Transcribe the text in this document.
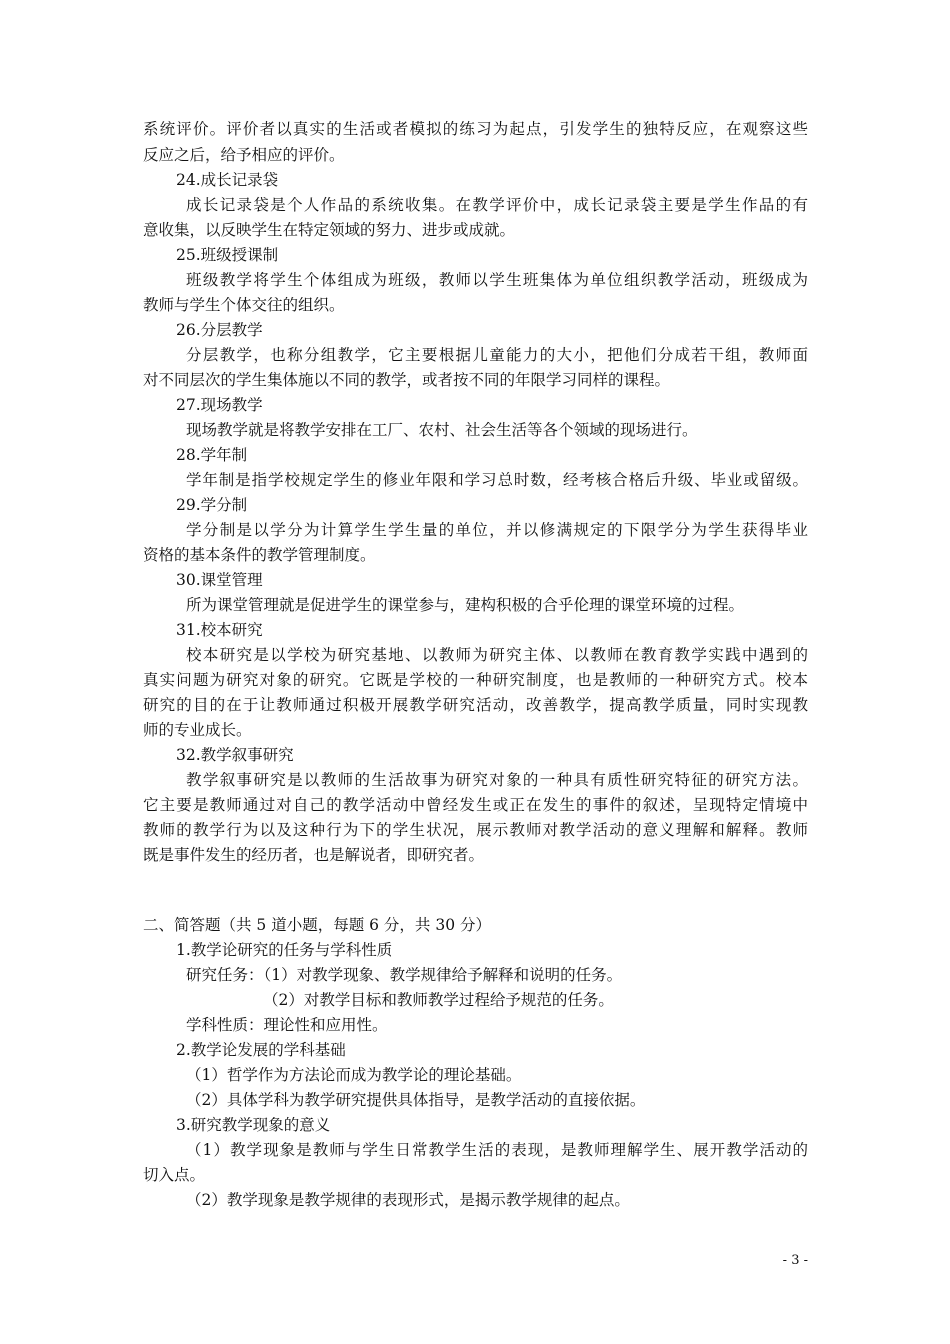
系统评价。评价者以真实的生活或者模拟的练习为起点，引发学生的独特反应，在观察这些
反应之后，给予相应的评价。
24.成长记录袋
成长记录袋是个人作品的系统收集。在教学评价中，成长记录袋主要是学生作品的有
意收集，以反映学生在特定领域的努力、进步或成就。
25.班级授课制
班级教学将学生个体组成为班级，教师以学生班集体为单位组织教学活动，班级成为
教师与学生个体交往的组织。
26.分层教学
分层教学，也称分组教学，它主要根据儿童能力的大小，把他们分成若干组，教师面
对不同层次的学生集体施以不同的教学，或者按不同的年限学习同样的课程。
27.现场教学
现场教学就是将教学安排在工厂、农村、社会生活等各个领域的现场进行。
28.学年制
学年制是指学校规定学生的修业年限和学习总时数，经考核合格后升级、毕业或留级。
29.学分制
学分制是以学分为计算学生学生量的单位，并以修满规定的下限学分为学生获得毕业
资格的基本条件的教学管理制度。
30.课堂管理
所为课堂管理就是促进学生的课堂参与，建构积极的合乎伦理的课堂环境的过程。
31.校本研究
校本研究是以学校为研究基地、以教师为研究主体、以教师在教育教学实践中遇到的
真实问题为研究对象的研究。它既是学校的一种研究制度，也是教师的一种研究方式。校本
研究的目的在于让教师通过积极开展教学研究活动，改善教学，提高教学质量，同时实现教
师的专业成长。
32.教学叙事研究
教学叙事研究是以教师的生活故事为研究对象的一种具有质性研究特征的研究方法。
它主要是教师通过对自己的教学活动中曾经发生或正在发生的事件的叙述，呈现特定情境中
教师的教学行为以及这种行为下的学生状况，展示教师对教学活动的意义理解和解释。教师
既是事件发生的经历者，也是解说者，即研究者。
二、简答题（共 5 道小题，每题 6 分，共 30 分）
1.教学论研究的任务与学科性质
研究任务：（1）对教学现象、教学规律给予解释和说明的任务。
（2）对教学目标和教师教学过程给予规范的任务。
学科性质：理论性和应用性。
2.教学论发展的学科基础
（1）哲学作为方法论而成为教学论的理论基础。
（2）具体学科为教学研究提供具体指导，是教学活动的直接依据。
3.研究教学现象的意义
（1）教学现象是教师与学生日常教学生活的表现，是教师理解学生、展开教学活动的
切入点。
（2）教学现象是教学规律的表现形式，是揭示教学规律的起点。
- 3 -
